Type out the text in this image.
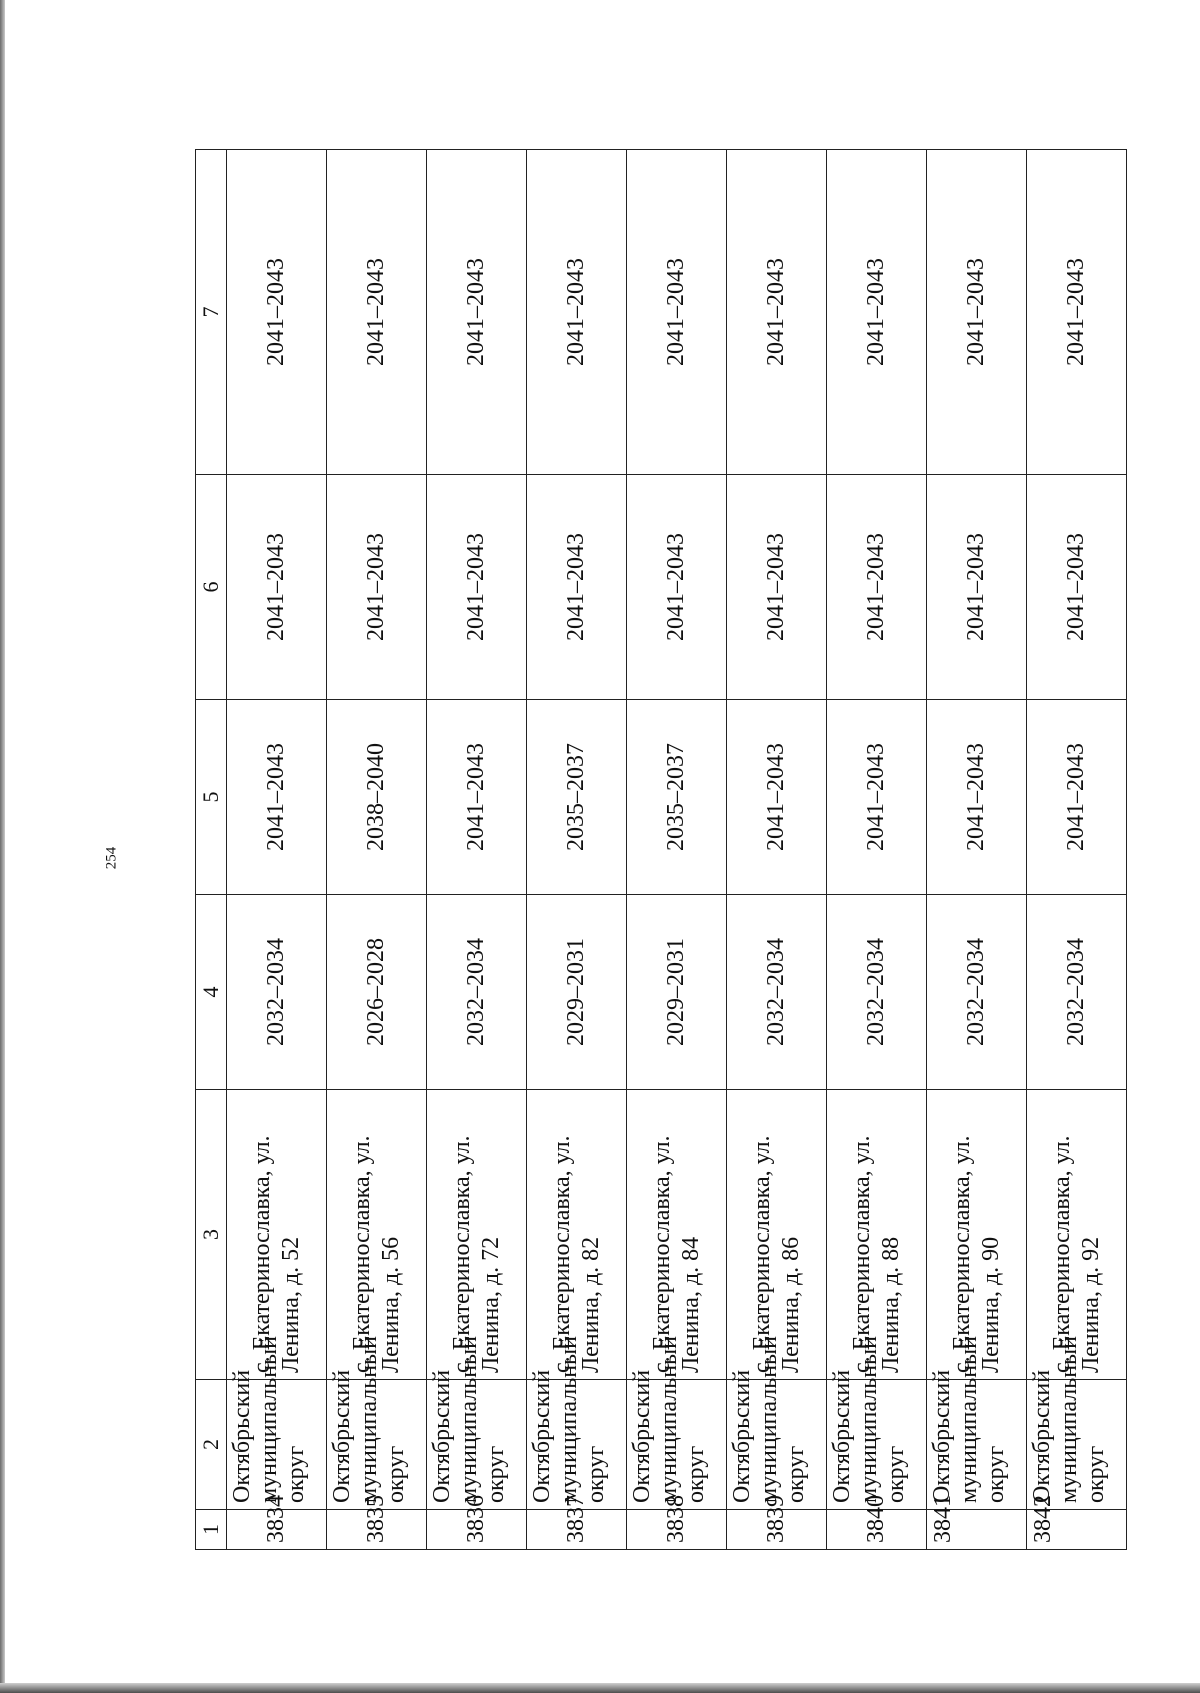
254
1	2	3	4	5	6	7
3834	Октябрьский муниципальный округ	с. Екатеринославка, ул. Ленина, д. 52	2032–2034	2041–2043	2041–2043	2041–2043
3835	Октябрьский муниципальный округ	с. Екатеринославка, ул. Ленина, д. 56	2026–2028	2038–2040	2041–2043	2041–2043
3836	Октябрьский муниципальный округ	с. Екатеринославка, ул. Ленина, д. 72	2032–2034	2041–2043	2041–2043	2041–2043
3837	Октябрьский муниципальный округ	с. Екатеринославка, ул. Ленина, д. 82	2029–2031	2035–2037	2041–2043	2041–2043
3838	Октябрьский муниципальный округ	с. Екатеринославка, ул. Ленина, д. 84	2029–2031	2035–2037	2041–2043	2041–2043
3839	Октябрьский муниципальный округ	с. Екатеринославка, ул. Ленина, д. 86	2032–2034	2041–2043	2041–2043	2041–2043
3840	Октябрьский муниципальный округ	с. Екатеринославка, ул. Ленина, д. 88	2032–2034	2041–2043	2041–2043	2041–2043
3841	Октябрьский муниципальный округ	с. Екатеринославка, ул. Ленина, д. 90	2032–2034	2041–2043	2041–2043	2041–2043
3842	Октябрьский муниципальный округ	с. Екатеринославка, ул. Ленина, д. 92	2032–2034	2041–2043	2041–2043	2041–2043
